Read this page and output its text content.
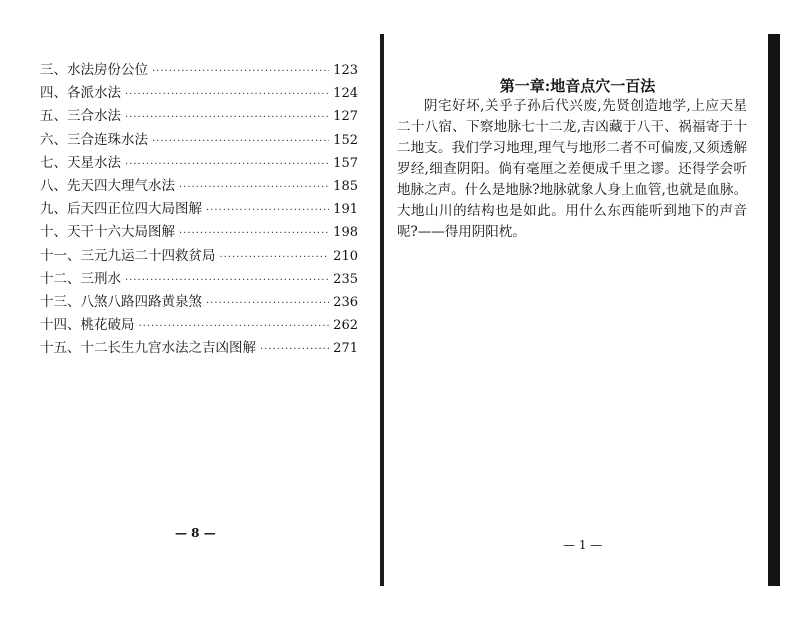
三、水法房份公位 ·····	123
四、各派水法 ·····	124
五、三合水法 ·····	127
六、三合连珠水法 ·····	152
七、天星水法 ·····	157
八、先天四大理气水法 ·····	185
九、后天四正位四大局图解 ·····	191
十、天干十六大局图解 ·····	198
十一、三元九运二十四救贫局 ·····	210
十二、三刑水 ·····	235
十三、八煞八路四路黄泉煞 ·····	236
十四、桃花破局 ·····	262
十五、十二长生九宫水法之吉凶图解 ·····	271
— 8 —
第一章:地音点穴一百法
阴宅好坏,关乎子孙后代兴废,先贤创造地学,上应天星二十八宿、下察地脉七十二龙,吉凶藏于八干、祸福寄于十二地支。我们学习地理,理气与地形二者不可偏废,又须透解罗经,细查阴阳。倘有毫厘之差便成千里之谬。还得学会听地脉之声。什么是地脉?地脉就象人身上血管,也就是血脉。大地山川的结构也是如此。用什么东西能听到地下的声音呢?——得用阴阳枕。
— 1 —
